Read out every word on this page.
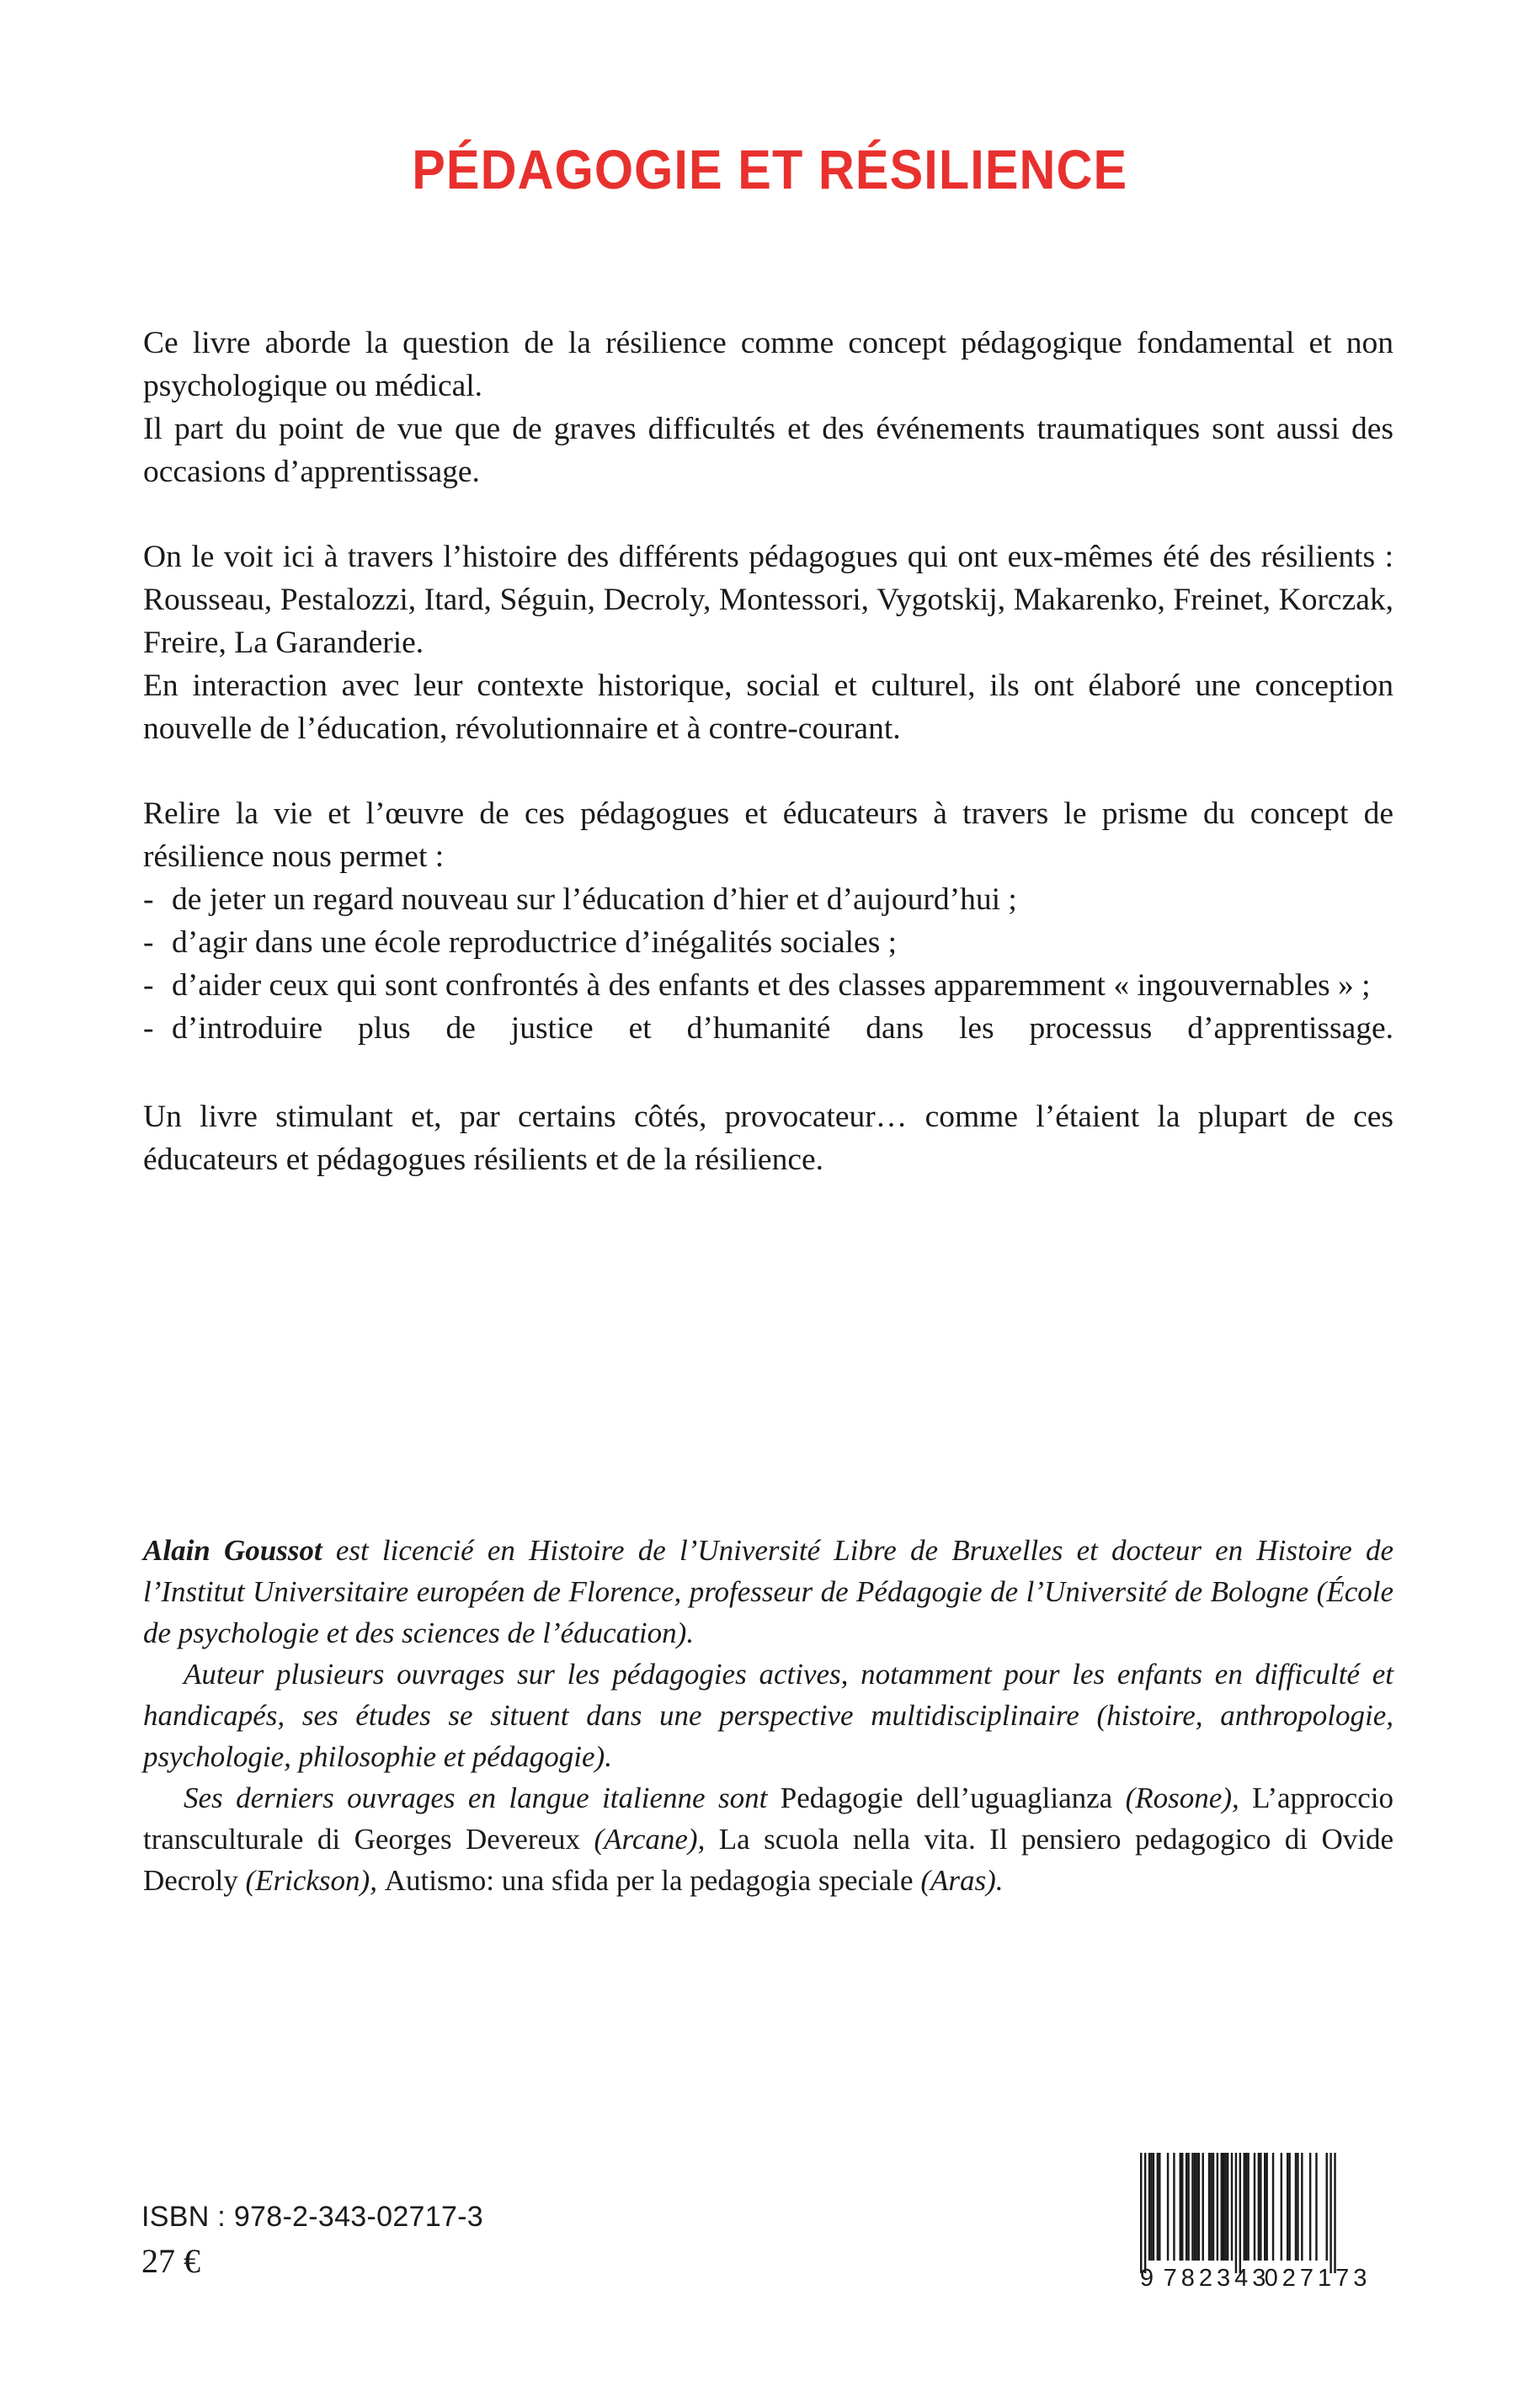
PÉDAGOGIE ET RÉSILIENCE

Ce livre aborde la question de la résilience comme concept pédagogique fondamental et non psychologique ou médical.

Il part du point de vue que de graves difficultés et des événements traumatiques sont aussi des occasions d’apprentissage.

On le voit ici à travers l’histoire des différents pédagogues qui ont eux-mêmes été des résilients : Rousseau, Pestalozzi, Itard, Séguin, Decroly, Montessori, Vygotskij, Makarenko, Freinet, Korczak, Freire, La Garanderie.

En interaction avec leur contexte historique, social et culturel, ils ont élaboré une conception nouvelle de l’éducation, révolutionnaire et à contre-courant.

Relire la vie et l’œuvre de ces pédagogues et éducateurs à travers le prisme du concept de résilience nous permet :

- de jeter un regard nouveau sur l’éducation d’hier et d’aujourd’hui ;
- d’agir dans une école reproductrice d’inégalités sociales ;
- d’aider ceux qui sont confrontés à des enfants et des classes apparemment « ingouvernables » ;
- d’introduire plus de justice et d’humanité dans les processus d’apprentissage.

Un livre stimulant et, par certains côtés, provocateur… comme l’étaient la plupart de ces éducateurs et pédagogues résilients et de la résilience.

Alain Goussot est licencié en Histoire de l’Université Libre de Bruxelles et docteur en Histoire de l’Institut Universitaire européen de Florence, professeur de Pédagogie de l’Université de Bologne (École de psychologie et des sciences de l’éducation).

Auteur plusieurs ouvrages sur les pédagogies actives, notamment pour les enfants en difficulté et handicapés, ses études se situent dans une perspective multidisciplinaire (histoire, anthropologie, psychologie, philosophie et pédagogie).

Ses derniers ouvrages en langue italienne sont Pedagogie dell’uguaglianza (Rosone), L’approccio transculturale di Georges Devereux (Arcane), La scuola nella vita. Il pensiero pedagogico di Ovide Decroly (Erickson), Autismo: una sfida per la pedagogia speciale (Aras).

ISBN : 978-2-343-02717-3
27 €	9 782343
027173
